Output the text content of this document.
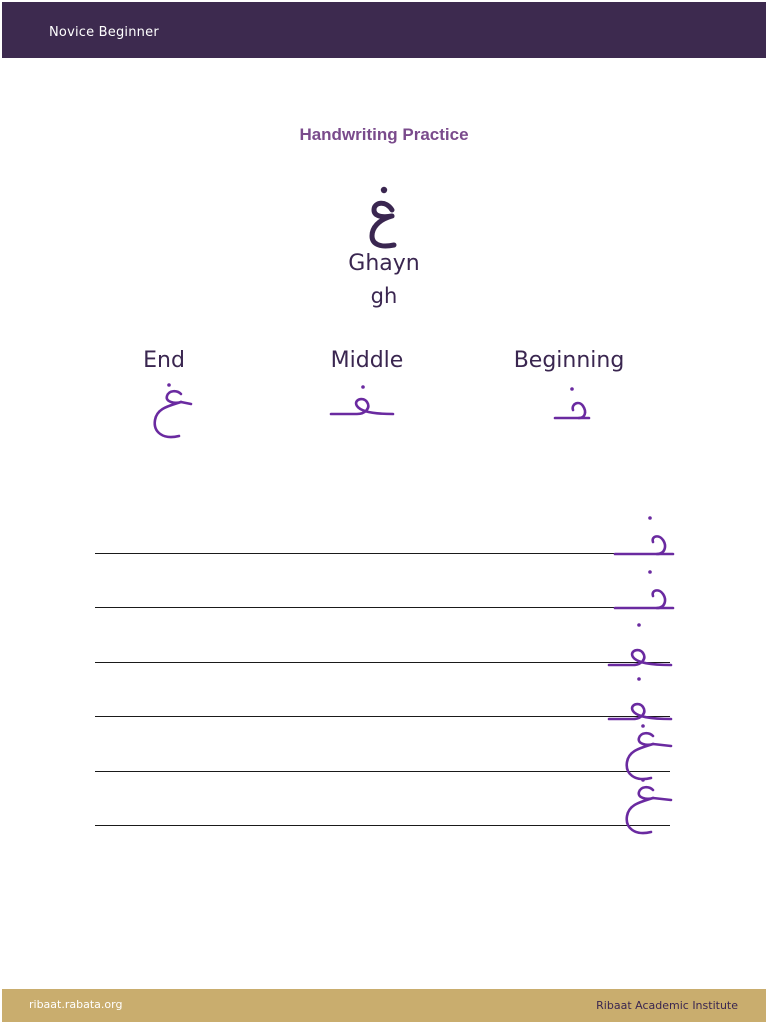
Novice Beginner
Handwriting Practice
Ghayn
gh
End	Middle	Beginning
ribaat.rabata.org	Ribaat Academic Institute
